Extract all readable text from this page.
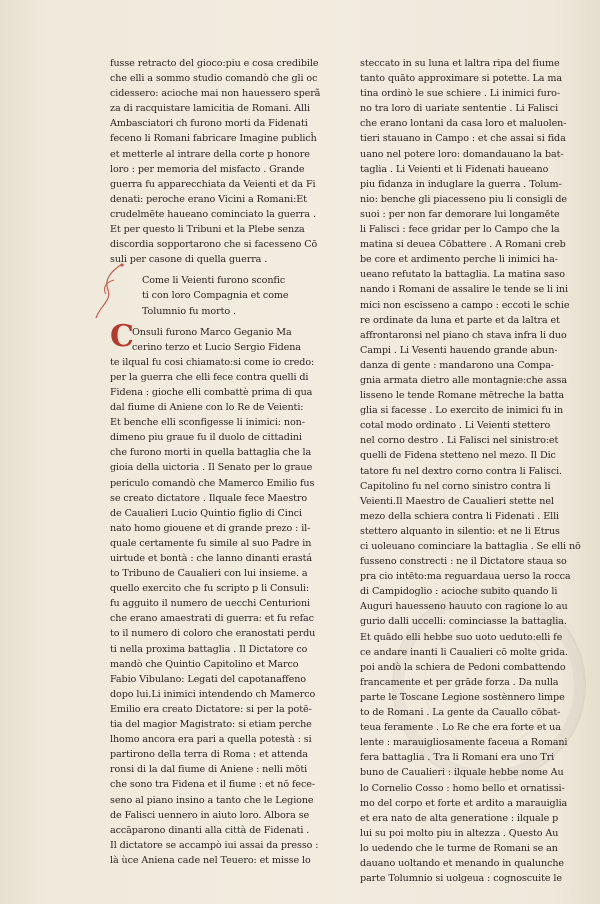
fusse retracto del gioco:piu e cosa credibile
che elli a sommo studio comandò che gli oc
cidessero: acioche mai non hauessero sperã
za di racquistare lamicitia de Romani. Alli
Ambasciatori ch furono morti da Fidenati
feceno li Romani fabricare Imagine publicĥ
et metterle al intrare della corte p honore
loro : per memoria del misfacto . Grande
guerra fu apparecchiata da Veienti et da Fi
denati: peroche erano Vicini a Romani:Et
crudelmēte haueano cominciato la guerra .
Et per questo li Tribuni et la Plebe senza
discordia sopportarono che si facesseno Cō
suli per casone di quella guerra .
Come li Veienti furono sconfic
ti con loro Compagnia et come
Tolumnio fu morto .
C
Onsuli furono Marco Geganio Ma
cerino terzo et Lucio Sergio Fidena
te ilqual fu cosi chiamato:si come io credo:
per la guerra che elli fece contra quelli di
Fidena : gioche elli combattè prima di qua
dal fiume di Aniene con lo Re de Veienti:
Et benche elli sconfigesse li inimici: non-
dimeno piu graue fu il duolo de cittadini
che furono morti in quella battaglia che la
gioia della uictoria . Il Senato per lo graue
periculo comandò che Mamerco Emilio fus
se creato dictatore . Ilquale fece Maestro
de Caualieri Lucio Quintio figlio di Cinci
nato homo giouene et di grande prezo : il-
quale certamente fu simile al suo Padre in
uirtude et bontà : che lanno dinanti erastá
to Tribuno de Caualieri con lui insieme. a
quello exercito che fu scripto p li Consuli:
fu agguito il numero de uecchi Centurioni
che erano amaestrati di guerra: et fu refac
to il numero di coloro che eranostati perdu
ti nella proxima battaglia . Il Dictatore co
mandò che Quintio Capitolino et Marco
Fabio Vibulano: Legati del capotanaffeno
dopo lui.Li inimici intendendo ch Mamerco
Emilio era creato Dictatore: si per la potē-
tia del magior Magistrato: si etiam perche
lhomo ancora era pari a quella potestà : si
partirono della terra di Roma : et attenda
ronsi di la dal fiume di Aniene : nelli mōti
che sono tra Fidena et il fiume : et nō fece-
seno al piano insino a tanto che le Legione
de Falisci uennero in aiuto loro. Albora se
accāparono dinanti alla città de Fidenati .
Il dictatore se accampò iui assai da presso :
là ùce Aniena cade nel Teuero: et misse lo
steccato in su luna et laltra ripa del fiume
tanto quāto approximare si potette. La ma
tina ordinò le sue schiere . Li inimici furo-
no tra loro di uariate sententie . Li Falisci
che erano lontani da casa loro et maluolen-
tieri stauano in Campo : et che assai si fida
uano nel potere loro: domandauano la bat-
taglia . Li Veienti et li Fidenati haueano
piu fidanza in induglare la guerra . Tolum-
nio: benche gli piacesseno piu li consigli de
suoi : per non far demorare lui longamēte
li Falisci : fece gridar per lo Campo che la
matina si deuea Cōbattere . A Romani creb
be core et ardimento perche li inimici ha-
ueano refutato la battaglia. La matina saso
nando i Romani de assalire le tende se li ini
mici non escisseno a campo : eccoti le schie
re ordinate da luna et parte et da laltra et
affrontaronsi nel piano ch stava infra li duo
Campi . Li Vesenti hauendo grande abun-
danza di gente : mandarono una Compa-
gnia armata dietro alle montagnie:che assa
lisseno le tende Romane mētreche la batta
glia si facesse . Lo exercito de inimici fu in
cotal modo ordinato . Li Veienti stettero
nel corno destro . Li Falisci nel sinistro:et
quelli de Fidena stetteno nel mezo. Il Dic
tatore fu nel dextro corno contra li Falisci.
Capitolino fu nel corno sinistro contra li
Veienti.Il Maestro de Caualieri stette nel
mezo della schiera contra li Fidenati . Elli
stettero alquanto in silentio: et ne li Etrus
ci uoleuano cominciare la battaglia . Se elli nō
fusseno constrecti : ne il Dictatore staua so
pra cio intēto:ma reguardaua uerso la rocca
di Campidoglio : acioche subito quando li
Auguri hauesseno hauuto con ragione lo au
gurio dalli uccelli: cominciasse la battaglia.
Et quādo elli hebbe suo uoto ueduto:elli fe
ce andare inanti li Caualieri cō molte grida.
poi andò la schiera de Pedoni combattendo
francamente et per grāde forza . Da nulla
parte le Toscane Legione sostènnero limpe
to de Romani . La gente da Cauallo cōbat-
teua feramente . Lo Re che era forte et ua
lente : marauigliosamente faceua a Romani
fera battaglia . Tra li Romani era uno Tri
buno de Caualieri : ilquale hebbe nome Au
lo Cornelio Cosso : homo bello et ornatissi-
mo del corpo et forte et ardito a marauiglia
et era nato de alta generatione : ilquale p
lui su poi molto piu in altezza . Questo Au
lo uedendo che le turme de Romani se an
dauano uoltando et menando in qualunche
parte Tolumnio si uolgeua : cognoscuite le
